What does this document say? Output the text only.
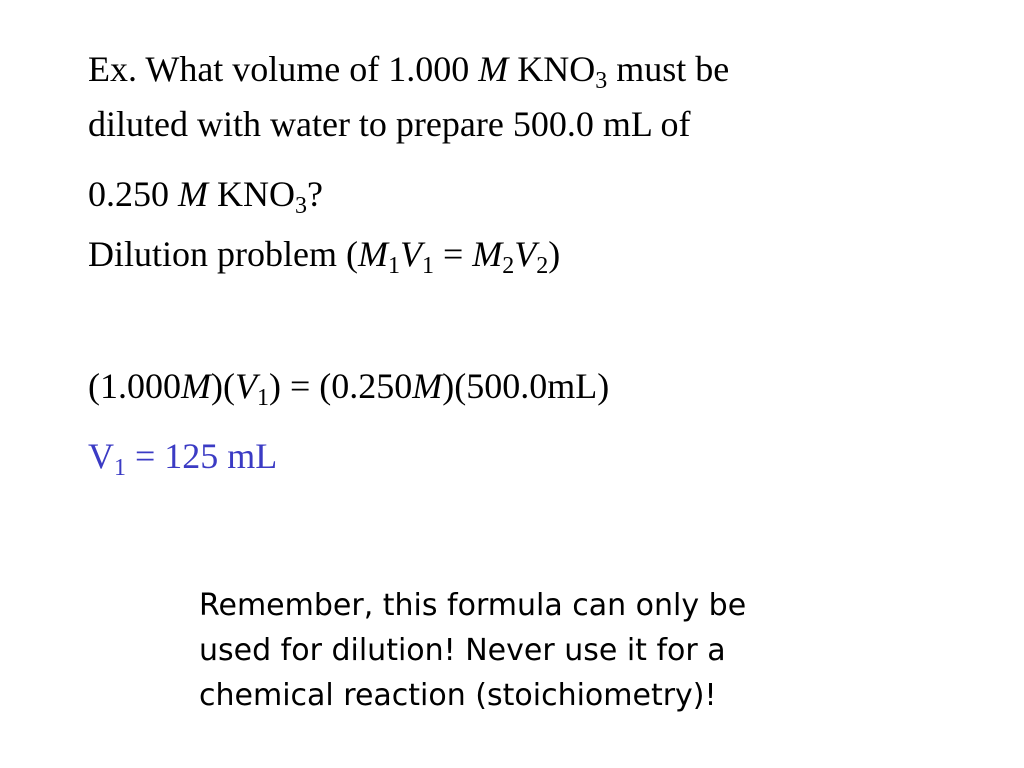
Ex. What volume of 1.000 M $KNO_3$ must be
diluted with water to prepare 500.0 mL of
0.250 M $KNO_3$?
Dilution problem $(M_1V_1 = M_2V_2)$
$(1.000M)(V_1) = (0.250M)(500.0mL)$
$V_1 = 125$ mL
Remember, this formula can only be
used for dilution! Never use it for a
chemical reaction (stoichiometry)!
